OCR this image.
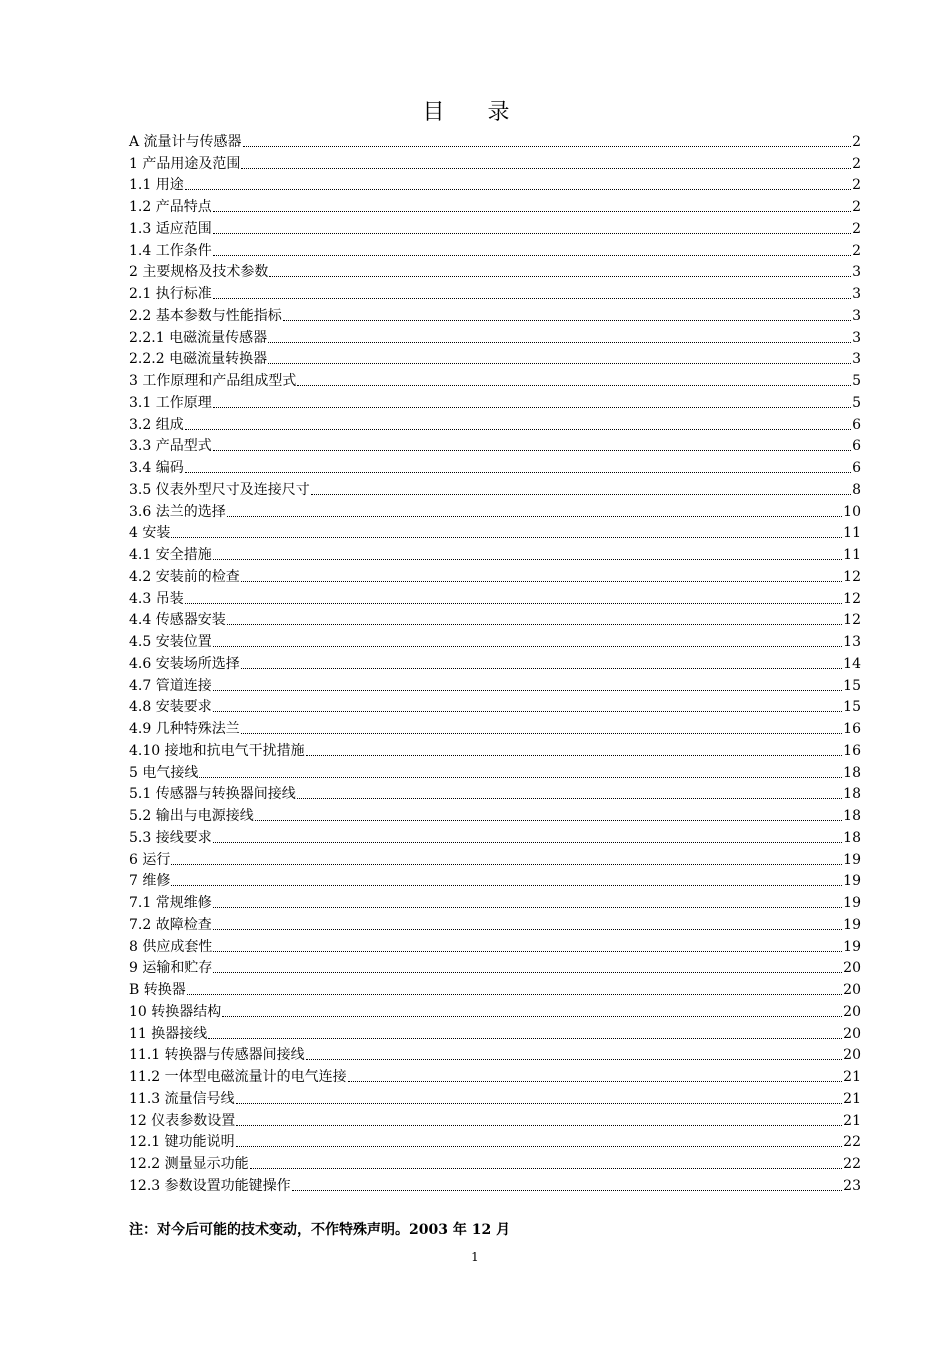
目 录
A 流量计与传感器	2
1 产品用途及范围	2
1.1 用途	2
1.2 产品特点	2
1.3 适应范围	2
1.4 工作条件	2
2 主要规格及技术参数	3
2.1 执行标准	3
2.2 基本参数与性能指标	3
2.2.1 电磁流量传感器	3
2.2.2 电磁流量转换器	3
3 工作原理和产品组成型式	5
3.1 工作原理	5
3.2 组成	6
3.3 产品型式	6
3.4 编码	6
3.5 仪表外型尺寸及连接尺寸	8
3.6 法兰的选择	10
4 安装	11
4.1 安全措施	11
4.2 安装前的检查	12
4.3 吊装	12
4.4 传感器安装	12
4.5 安装位置	13
4.6 安装场所选择	14
4.7 管道连接	15
4.8 安装要求	15
4.9 几种特殊法兰	16
4.10 接地和抗电气干扰措施	16
5 电气接线	18
5.1 传感器与转换器间接线	18
5.2 输出与电源接线	18
5.3 接线要求	18
6 运行	19
7 维修	19
7.1 常规维修	19
7.2 故障检查	19
8 供应成套性	19
9 运输和贮存	20
B 转换器	20
10 转换器结构	20
11 换器接线	20
11.1 转换器与传感器间接线	20
11.2 一体型电磁流量计的电气连接	21
11.3 流量信号线	21
12 仪表参数设置	21
12.1 键功能说明	22
12.2 测量显示功能	22
12.3 参数设置功能键操作	23
注：对今后可能的技术变动，不作特殊声明。2003 年 12 月
1
